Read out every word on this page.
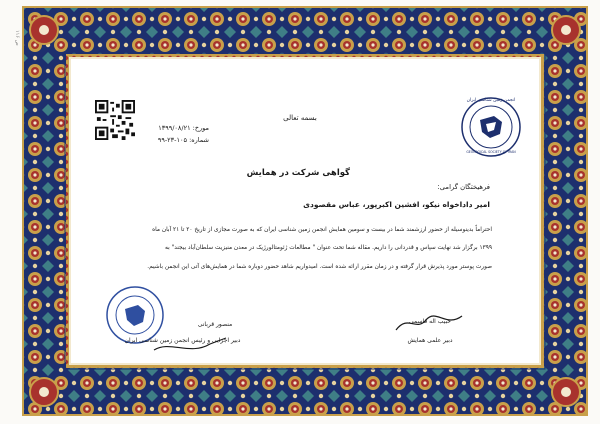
ص ١١۶
مورخ: ۱۳۹۹/۰۸/۲۱
شماره: ۱۰۵-۲۳-۹۹
بسمه تعالی
انجمن زمین شناسی ایران
GEOLOGICAL SOCIETY OF IRAN
گواهی شرکت در همایش
فرهیختگان گرامی:
امیر داداخواه نیکو، افشین اکبرپور، عباس مقصودی
احتراماً بدینوسیله از حضور ارزشمند شما در بیست و سومین همایش انجمن زمین شناسی ایران که به صورت مجازی از تاریخ ۲۰ تا ۲۱ آبان ماه
۱۳۹۹ برگزار شد نهایت سپاس و قدردانی را داریم. مقاله شما تحت عنوان " مطالعات ژئومتالورژیک در معدن منیزیت سلطان‌آباد بیجند" به
صورت پوستر مورد پذیرش قرار گرفته و در زمان مقرر ارائه شده است. امیدواریم شاهد حضور دوباره شما در همایش‌های آتی این انجمن باشیم.
حبیب اله قاسمی
دبیر علمی همایش
منصور قربانی
دبیر اجرایی و رئیس انجمن زمین شناسی ایران
